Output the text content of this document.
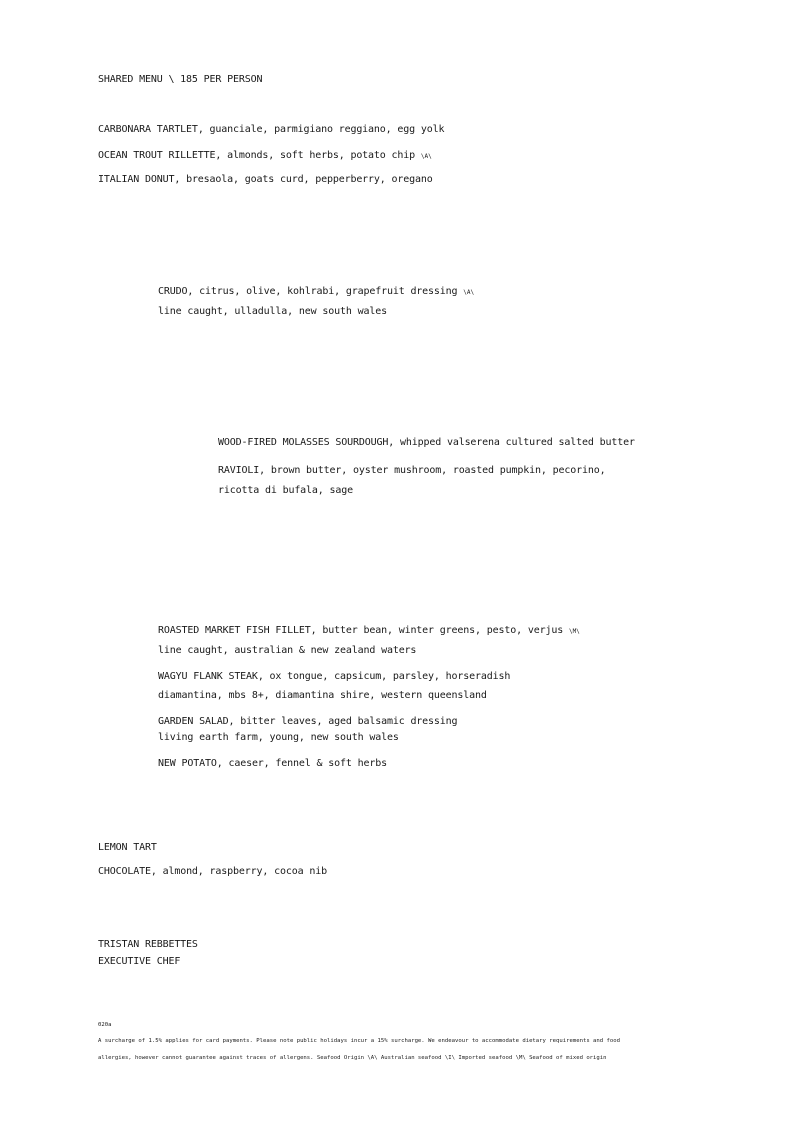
SHARED MENU \ 185 PER PERSON
CARBONARA TARTLET, guanciale, parmigiano reggiano, egg yolk
OCEAN TROUT RILLETTE, almonds, soft herbs, potato chip \A\
ITALIAN DONUT, bresaola, goats curd, pepperberry, oregano
CRUDO, citrus, olive, kohlrabi, grapefruit dressing \A\
line caught, ulladulla, new south wales
WOOD-FIRED MOLASSES SOURDOUGH, whipped valserena cultured salted butter
RAVIOLI, brown butter, oyster mushroom, roasted pumpkin, pecorino,
ricotta di bufala, sage
ROASTED MARKET FISH FILLET, butter bean, winter greens, pesto, verjus \M\
line caught, australian & new zealand waters
WAGYU FLANK STEAK, ox tongue, capsicum, parsley, horseradish
diamantina, mbs 8+, diamantina shire, western queensland
GARDEN SALAD, bitter leaves, aged balsamic dressing
living earth farm, young, new south wales
NEW POTATO, caeser, fennel & soft herbs
LEMON TART
CHOCOLATE, almond, raspberry, cocoa nib
TRISTAN REBBETTES
EXECUTIVE CHEF
020a
A surcharge of 1.5% applies for card payments. Please note public holidays incur a 15% surcharge. We endeavour to accommodate dietary requirements and food
allergies, however cannot guarantee against traces of allergens. Seafood Origin \A\ Australian seafood \I\ Imported seafood \M\ Seafood of mixed origin
